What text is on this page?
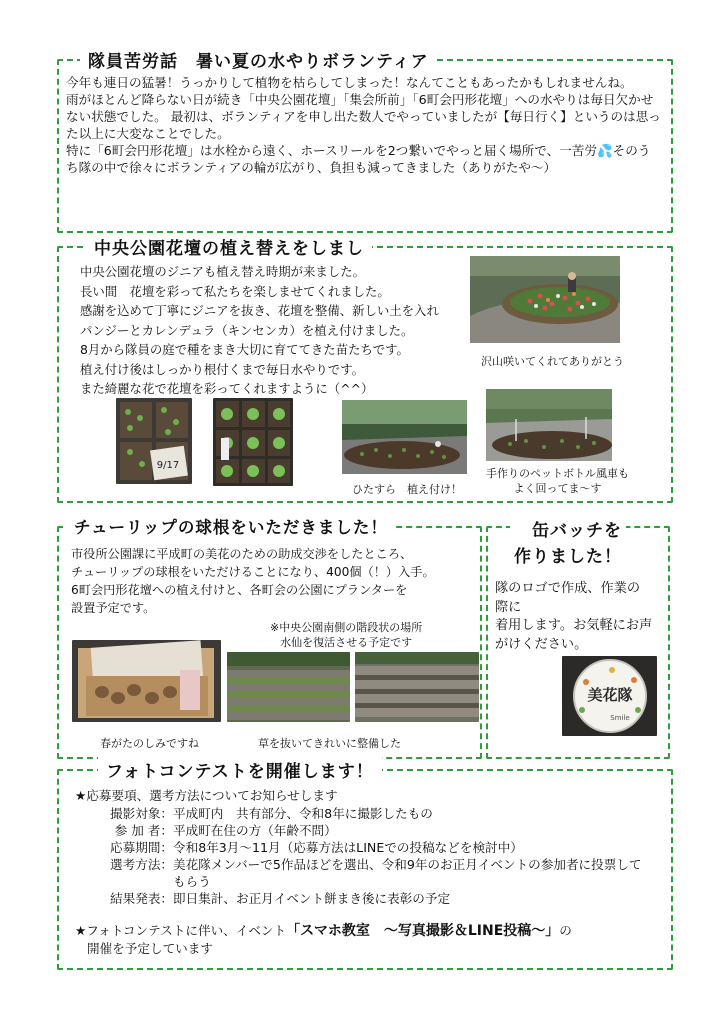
隊員苦労話　暑い夏の水やりボランティア

今年も連日の猛暑！うっかりして植物を枯らしてしまった！なんてこともあったかもしれませんね。

雨がほとんど降らない日が続き「中央公園花壇」「集会所前」「6町会円形花壇」への水やりは毎日欠かせない状態でした。 最初は、ボランティアを申し出た数人でやっていましたが【毎日行く】というのは思った以上に大変なことでした。

特に「6町会円形花壇」は水栓から遠く、ホースリールを2つ繋いでやっと届く場所で、一苦労💦そのうち隊の中で徐々にボランティアの輪が広がり、負担も減ってきました（ありがたや～）

中央公園花壇の植え替えをしまし

中央公園花壇のジニアも植え替え時期が来ました。

長い間　花壇を彩って私たちを楽しませてくれました。

感謝を込めて丁寧にジニアを抜き、花壇を整備、新しい土を入れ

パンジーとカレンデュラ（キンセンカ）を植え付けました。

8月から隊員の庭で種をまき大切に育ててきた苗たちです。

植え付け後はしっかり根付くまで毎日水やりです。

また綺麗な花で花壇を彩ってくれますように（^^）

沢山咲いてくれてありがとう
9/17
ひたすら　植え付け！
手作りのペットボトル風車も
よく回ってま～す
チューリップの球根をいただきました！

市役所公園課に平成町の美花のための助成交渉をしたところ、

チューリップの球根をいただけることになり、400個（！）入手。

6町会円形花壇への植え付けと、各町会の公園にプランターを

設置予定です。

※中央公園南側の階段状の場所
水仙を復活させる予定です
春がたのしみですね	草を抜いてきれいに整備した
缶バッチを
作りました！
隊のロゴで作成、作業の際に
着用します。お気軽にお声がけください。
美花隊
Smile
フォトコンテストを開催します！
★応募要項、選考方法についてお知らせします
撮影対象： 平成町内　共有部分、令和8年に撮影したもの
参 加 者： 平成町在住の方（年齢不問）
応募期間： 令和8年3月～11月（応募方法はLINEでの投稿などを検討中）
選考方法： 美花隊メンバーで5作品ほどを選出、令和9年のお正月イベントの参加者に投票してもらう
結果発表： 即日集計、お正月イベント餅まき後に表彰の予定
★フォトコンテストに伴い、イベント「スマホ教室　～写真撮影＆LINE投稿～」の
開催を予定しています
